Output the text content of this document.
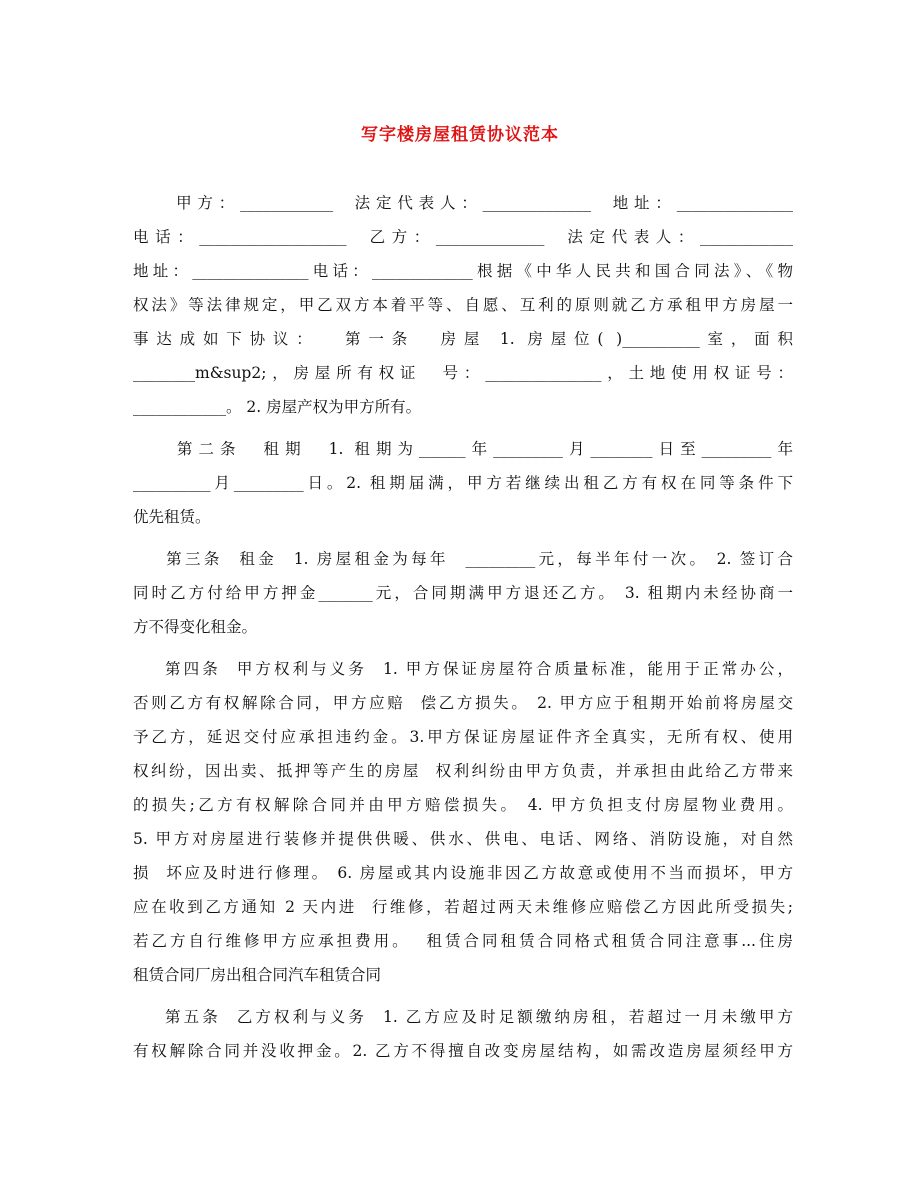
写字楼房屋租赁协议范本
甲方：____________  法定代表人：______________  地址：_______________
电话：___________________  乙方：______________  法定代表人：____________
地址：_______________电话：_____________根据《中华人民共和国合同法》、《物
权法》等法律规定，甲乙双方本着平等、自愿、互利的原则就乙方承租甲方房屋一
事达成如下协议：  第一条  房屋 1. 房屋位( )__________室，面积
________m&sup2;，房屋所有权证  号：_______________，土地使用权证号：
____________。 2. 房屋产权为甲方所有。
第二条  租期  1. 租期为______年_________月________日至_________年
__________月_________日。2. 租期届满，甲方若继续出租乙方有权在同等条件下
优先租赁。
第三条  租金  1. 房屋租金为每年  _________元，每半年付一次。 2. 签订合
同时乙方付给甲方押金_______元，合同期满甲方退还乙方。 3. 租期内未经协商一
方不得变化租金。
第四条  甲方权利与义务  1. 甲方保证房屋符合质量标准，能用于正常办公，
否则乙方有权解除合同，甲方应赔  偿乙方损失。 2. 甲方应于租期开始前将房屋交
予乙方，延迟交付应承担违约金。3.甲方保证房屋证件齐全真实，无所有权、使用
权纠纷，因出卖、抵押等产生的房屋  权利纠纷由甲方负责，并承担由此给乙方带来
的损失;乙方有权解除合同并由甲方赔偿损失。 4. 甲方负担支付房屋物业费用。
5. 甲方对房屋进行装修并提供供暖、供水、供电、电话、网络、消防设施，对自然
损  坏应及时进行修理。 6. 房屋或其内设施非因乙方故意或使用不当而损坏，甲方
应在收到乙方通知 2 天内进  行维修，若超过两天未维修应赔偿乙方因此所受损失;
若乙方自行维修甲方应承担费用。  租赁合同租赁合同格式租赁合同注意事...住房
租赁合同厂房出租合同汽车租赁合同
第五条  乙方权利与义务  1. 乙方应及时足额缴纳房租，若超过一月未缴甲方
有权解除合同并没收押金。2. 乙方不得擅自改变房屋结构，如需改造房屋须经甲方
